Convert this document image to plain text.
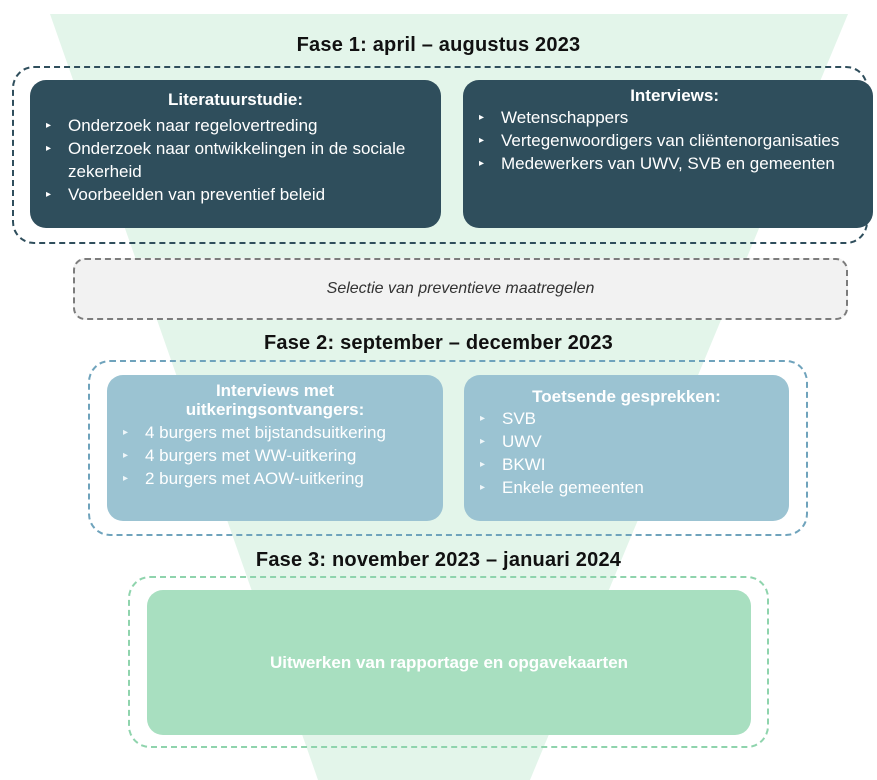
Fase 1: april – augustus 2023
Literatuurstudie:
▸ Onderzoek naar regelovertreding
▸ Onderzoek naar ontwikkelingen in de sociale zekerheid
▸ Voorbeelden van preventief beleid
Interviews:
▸ Wetenschappers
▸ Vertegenwoordigers van cliëntenorganisaties
▸ Medewerkers van UWV, SVB en gemeenten
Selectie van preventieve maatregelen
Fase 2: september – december 2023
Interviews met uitkeringsontvangers:
▸ 4 burgers met bijstandsuitkering
▸ 4 burgers met WW-uitkering
▸ 2 burgers met AOW-uitkering
Toetsende gesprekken:
▸ SVB
▸ UWV
▸ BKWI
▸ Enkele gemeenten
Fase 3: november 2023 – januari 2024
Uitwerken van rapportage en opgavekaarten
